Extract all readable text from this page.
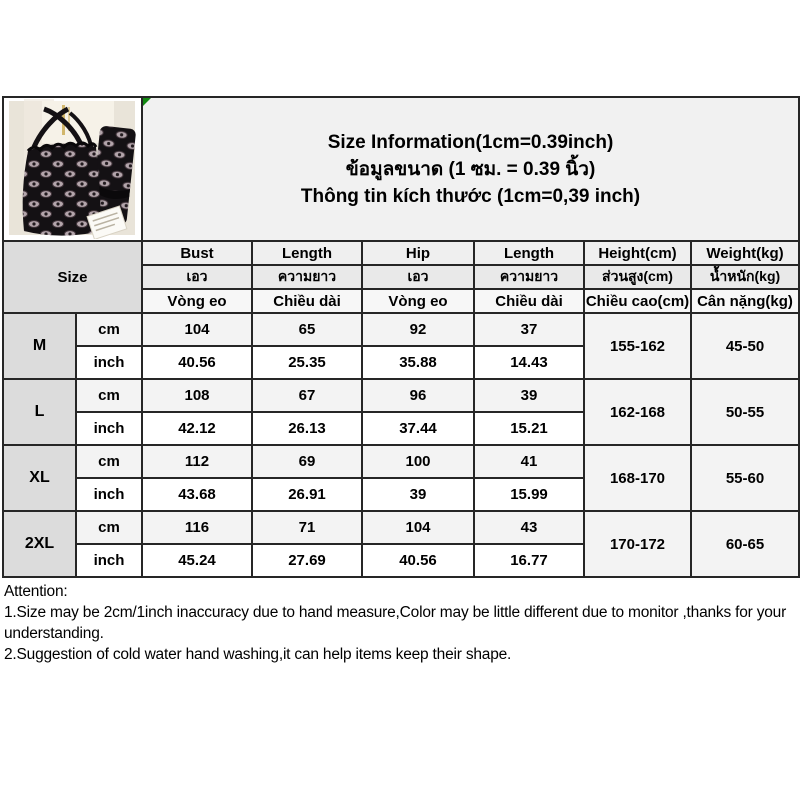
Size Information(1cm=0.39inch)
ข้อมูลขนาด (1 ซม. = 0.39 นิ้ว)
Thông tin kích thước (1cm=0,39 inch)					

Size		Bust	Length	Hip	Length	Height(cm)	Weight(kg)
		เอว	ความยาว	เอว	ความยาว	ส่วนสูง(cm)	น้ำหนัก(kg)
		Vòng eo	Chiều dài	Vòng eo	Chiều dài	Chiều cao(cm)	Cân nặng(kg)
M	cm	104	65	92	37	155-162	45-50
	inch	40.56	25.35	35.88	14.43		
L	cm	108	67	96	39	162-168	50-55
	inch	42.12	26.13	37.44	15.21		
XL	cm	112	69	100	41	168-170	55-60
	inch	43.68	26.91	39	15.99		
2XL	cm	116	71	104	43	170-172	60-65
	inch	45.24	27.69	40.56	16.77		
Attention:
1.Size may be 2cm/1inch inaccuracy due to hand measure,Color may be little different due to monitor ,thanks for your understanding.
2.Suggestion of cold water hand washing,it can help items keep their shape.
